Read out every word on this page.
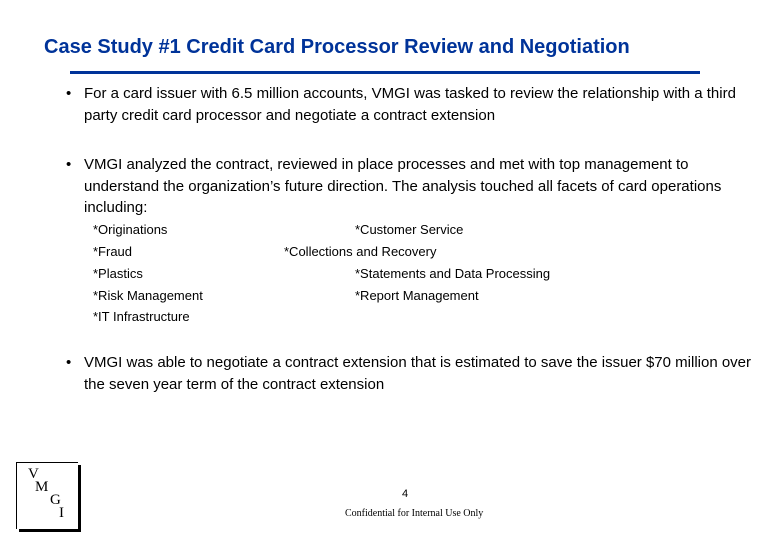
Case Study #1 Credit Card Processor Review and Negotiation
• For a card issuer with 6.5 million accounts, VMGI was tasked to review the relationship with a third party credit card processor and negotiate a contract extension
• VMGI analyzed the contract, reviewed in place processes and met with top management to understand the organization’s future direction. The analysis touched all facets of card operations including:
*Originations	*Customer Service
*Fraud	*Collections and Recovery
*Plastics	*Statements and Data Processing
*Risk Management	*Report Management
*IT Infrastructure
• VMGI was able to negotiate a contract extension that is estimated to save the issuer $70 million over the seven year term of the contract extension
V
M
G
I
4
Confidential for Internal Use Only
